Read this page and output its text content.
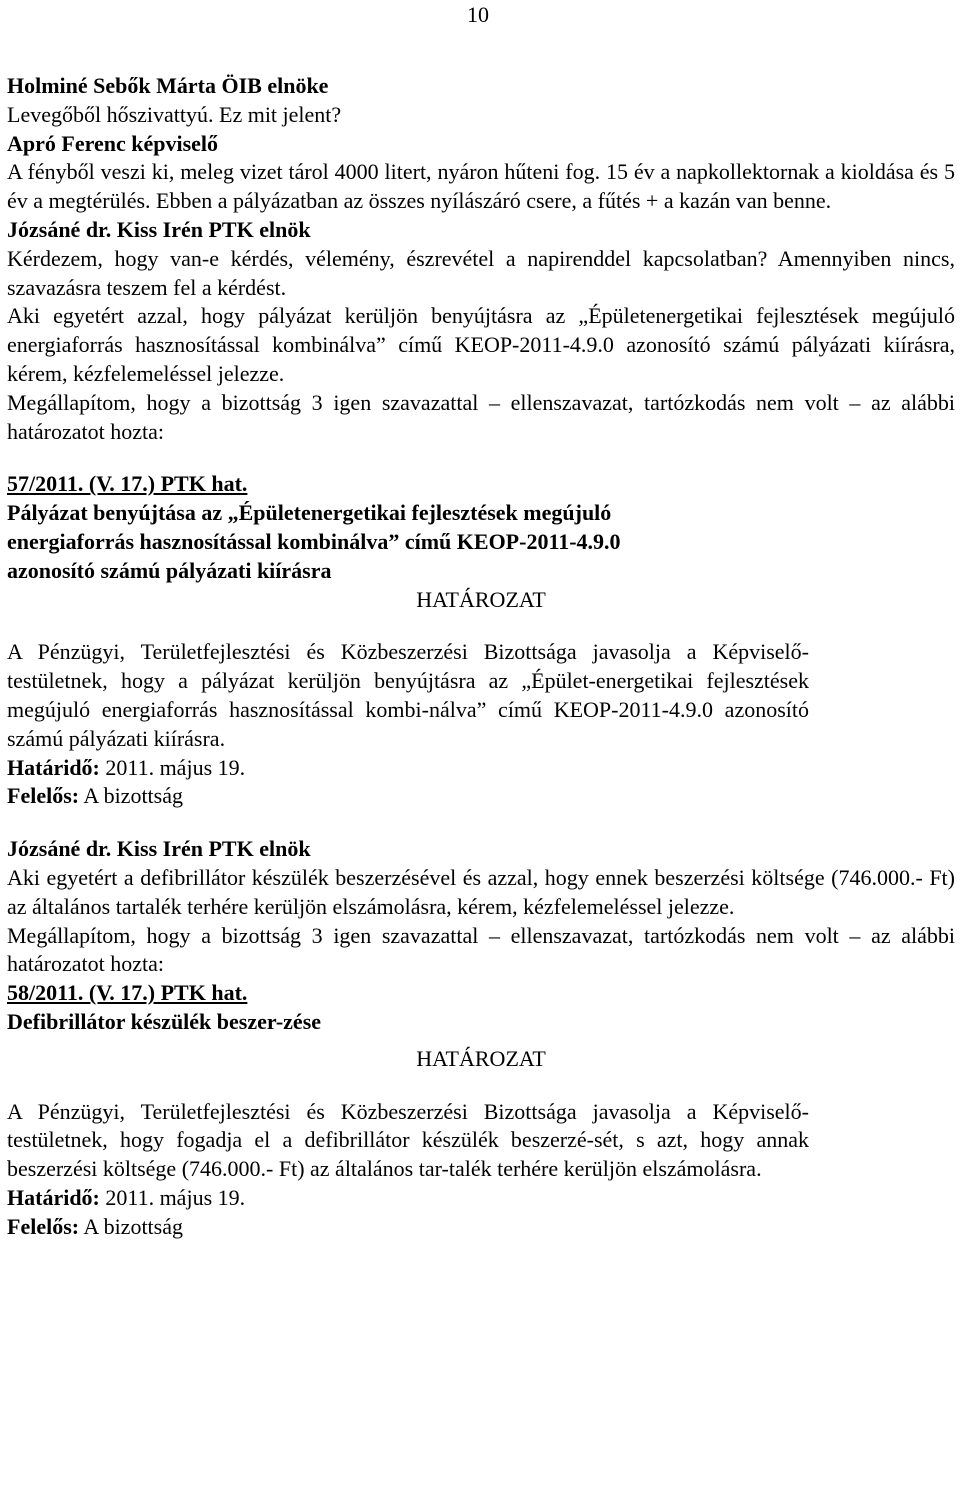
10

Holminé Sebők Márta ÖIB elnöke

Levegőből hőszivattyú. Ez mit jelent?

Apró Ferenc képviselő

A fényből veszi ki, meleg vizet tárol 4000 litert, nyáron hűteni fog. 15 év a napkollektornak a kioldása és 5 év a megtérülés. Ebben a pályázatban az összes nyílászáró csere, a fűtés + a kazán van benne.

Józsáné dr. Kiss Irén PTK elnök

Kérdezem, hogy van-e kérdés, vélemény, észrevétel a napirenddel kapcsolatban? Amennyiben nincs, szavazásra teszem fel a kérdést.

Aki egyetért azzal, hogy pályázat kerüljön benyújtásra az „Épületenergetikai fejlesztések megújuló energiaforrás hasznosítással kombinálva” című KEOP-2011-4.9.0 azonosító számú pályázati kiírásra, kérem, kézfelemeléssel jelezze.

Megállapítom, hogy a bizottság 3 igen szavazattal – ellenszavazat, tartózkodás nem volt – az alábbi határozatot hozta:

57/2011. (V. 17.) PTK hat.

Pályázat benyújtása az „Épületenergetikai fejlesztések megújuló energiaforrás hasznosítással kombinálva” című KEOP-2011-4.9.0 azonosító számú pályázati kiírásra

HATÁROZAT

A Pénzügyi, Területfejlesztési és Közbeszerzési Bizottsága javasolja a Képviselő-testületnek, hogy a pályázat kerüljön benyújtásra az „Épület-energetikai fejlesztések megújuló energiaforrás hasznosítással kombi-nálva” című KEOP-2011-4.9.0 azonosító számú pályázati kiírásra.

Határidő: 2011. május 19.

Felelős: A bizottság

Józsáné dr. Kiss Irén PTK elnök

Aki egyetért a defibrillátor készülék beszerzésével és azzal, hogy ennek beszerzési költsége (746.000.- Ft) az általános tartalék terhére kerüljön elszámolásra, kérem, kézfelemeléssel jelezze.

Megállapítom, hogy a bizottság 3 igen szavazattal – ellenszavazat, tartózkodás nem volt – az alábbi határozatot hozta:

58/2011. (V. 17.) PTK hat.

Defibrillátor készülék beszer-zése

HATÁROZAT

A Pénzügyi, Területfejlesztési és Közbeszerzési Bizottsága javasolja a Képviselő-testületnek, hogy fogadja el a defibrillátor készülék beszerzé-sét, s azt, hogy annak beszerzési költsége (746.000.- Ft) az általános tar-talék terhére kerüljön elszámolásra.

Határidő: 2011. május 19.

Felelős: A bizottság
